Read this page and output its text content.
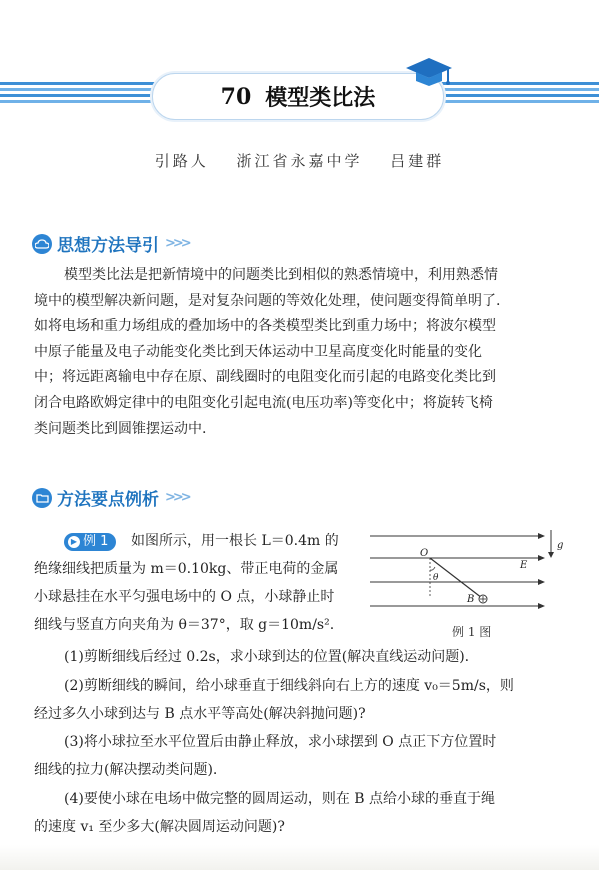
70 模型类比法
引路人 浙江省永嘉中学 吕建群
思想方法导引 >>>
模型类比法是把新情境中的问题类比到相似的熟悉情境中，利用熟悉情
境中的模型解决新问题，是对复杂问题的等效化处理，使问题变得简单明了.
如将电场和重力场组成的叠加场中的各类模型类比到重力场中；将波尔模型
中原子能量及电子动能变化类比到天体运动中卫星高度变化时能量的变化
中；将远距离输电中存在原、副线圈时的电阻变化而引起的电路变化类比到
闭合电路欧姆定律中的电阻变化引起电流(电压功率)等变化中；将旋转飞椅
类问题类比到圆锥摆运动中.
方法要点例析 >>>
▶ 例 1	如图所示，用一根长 L＝0.4m 的
绝缘细线把质量为 m＝0.10kg、带正电荷的金属
小球悬挂在水平匀强电场中的 O 点，小球静止时
细线与竖直方向夹角为 θ＝37°，取 g＝10m/s².
O
θ
B
E
g
例 1 图
(1)剪断细线后经过 0.2s，求小球到达的位置(解决直线运动问题).
(2)剪断细线的瞬间，给小球垂直于细线斜向右上方的速度 v₀＝5m/s，则
经过多久小球到达与 B 点水平等高处(解决斜抛问题)?
(3)将小球拉至水平位置后由静止释放，求小球摆到 O 点正下方位置时
细线的拉力(解决摆动类问题).
(4)要使小球在电场中做完整的圆周运动，则在 B 点给小球的垂直于绳
的速度 v₁ 至少多大(解决圆周运动问题)?
